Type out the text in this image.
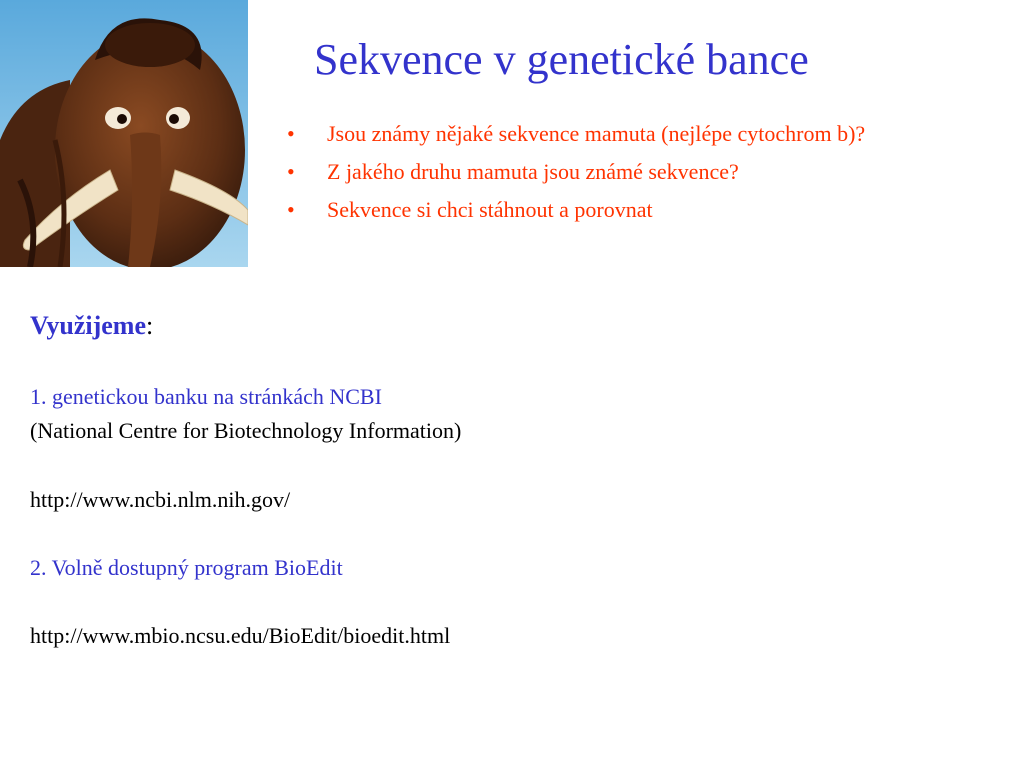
Sekvence v genetické bance
• Jsou známy nějaké sekvence mamuta (nejlépe cytochrom b)?
• Z jakého druhu mamuta jsou známé sekvence?
• Sekvence si chci stáhnout a porovnat
Využijeme:
1. genetickou banku na stránkách NCBI
(National Centre for Biotechnology Information)
http://www.ncbi.nlm.nih.gov/
2. Volně dostupný program BioEdit
http://www.mbio.ncsu.edu/BioEdit/bioedit.html
